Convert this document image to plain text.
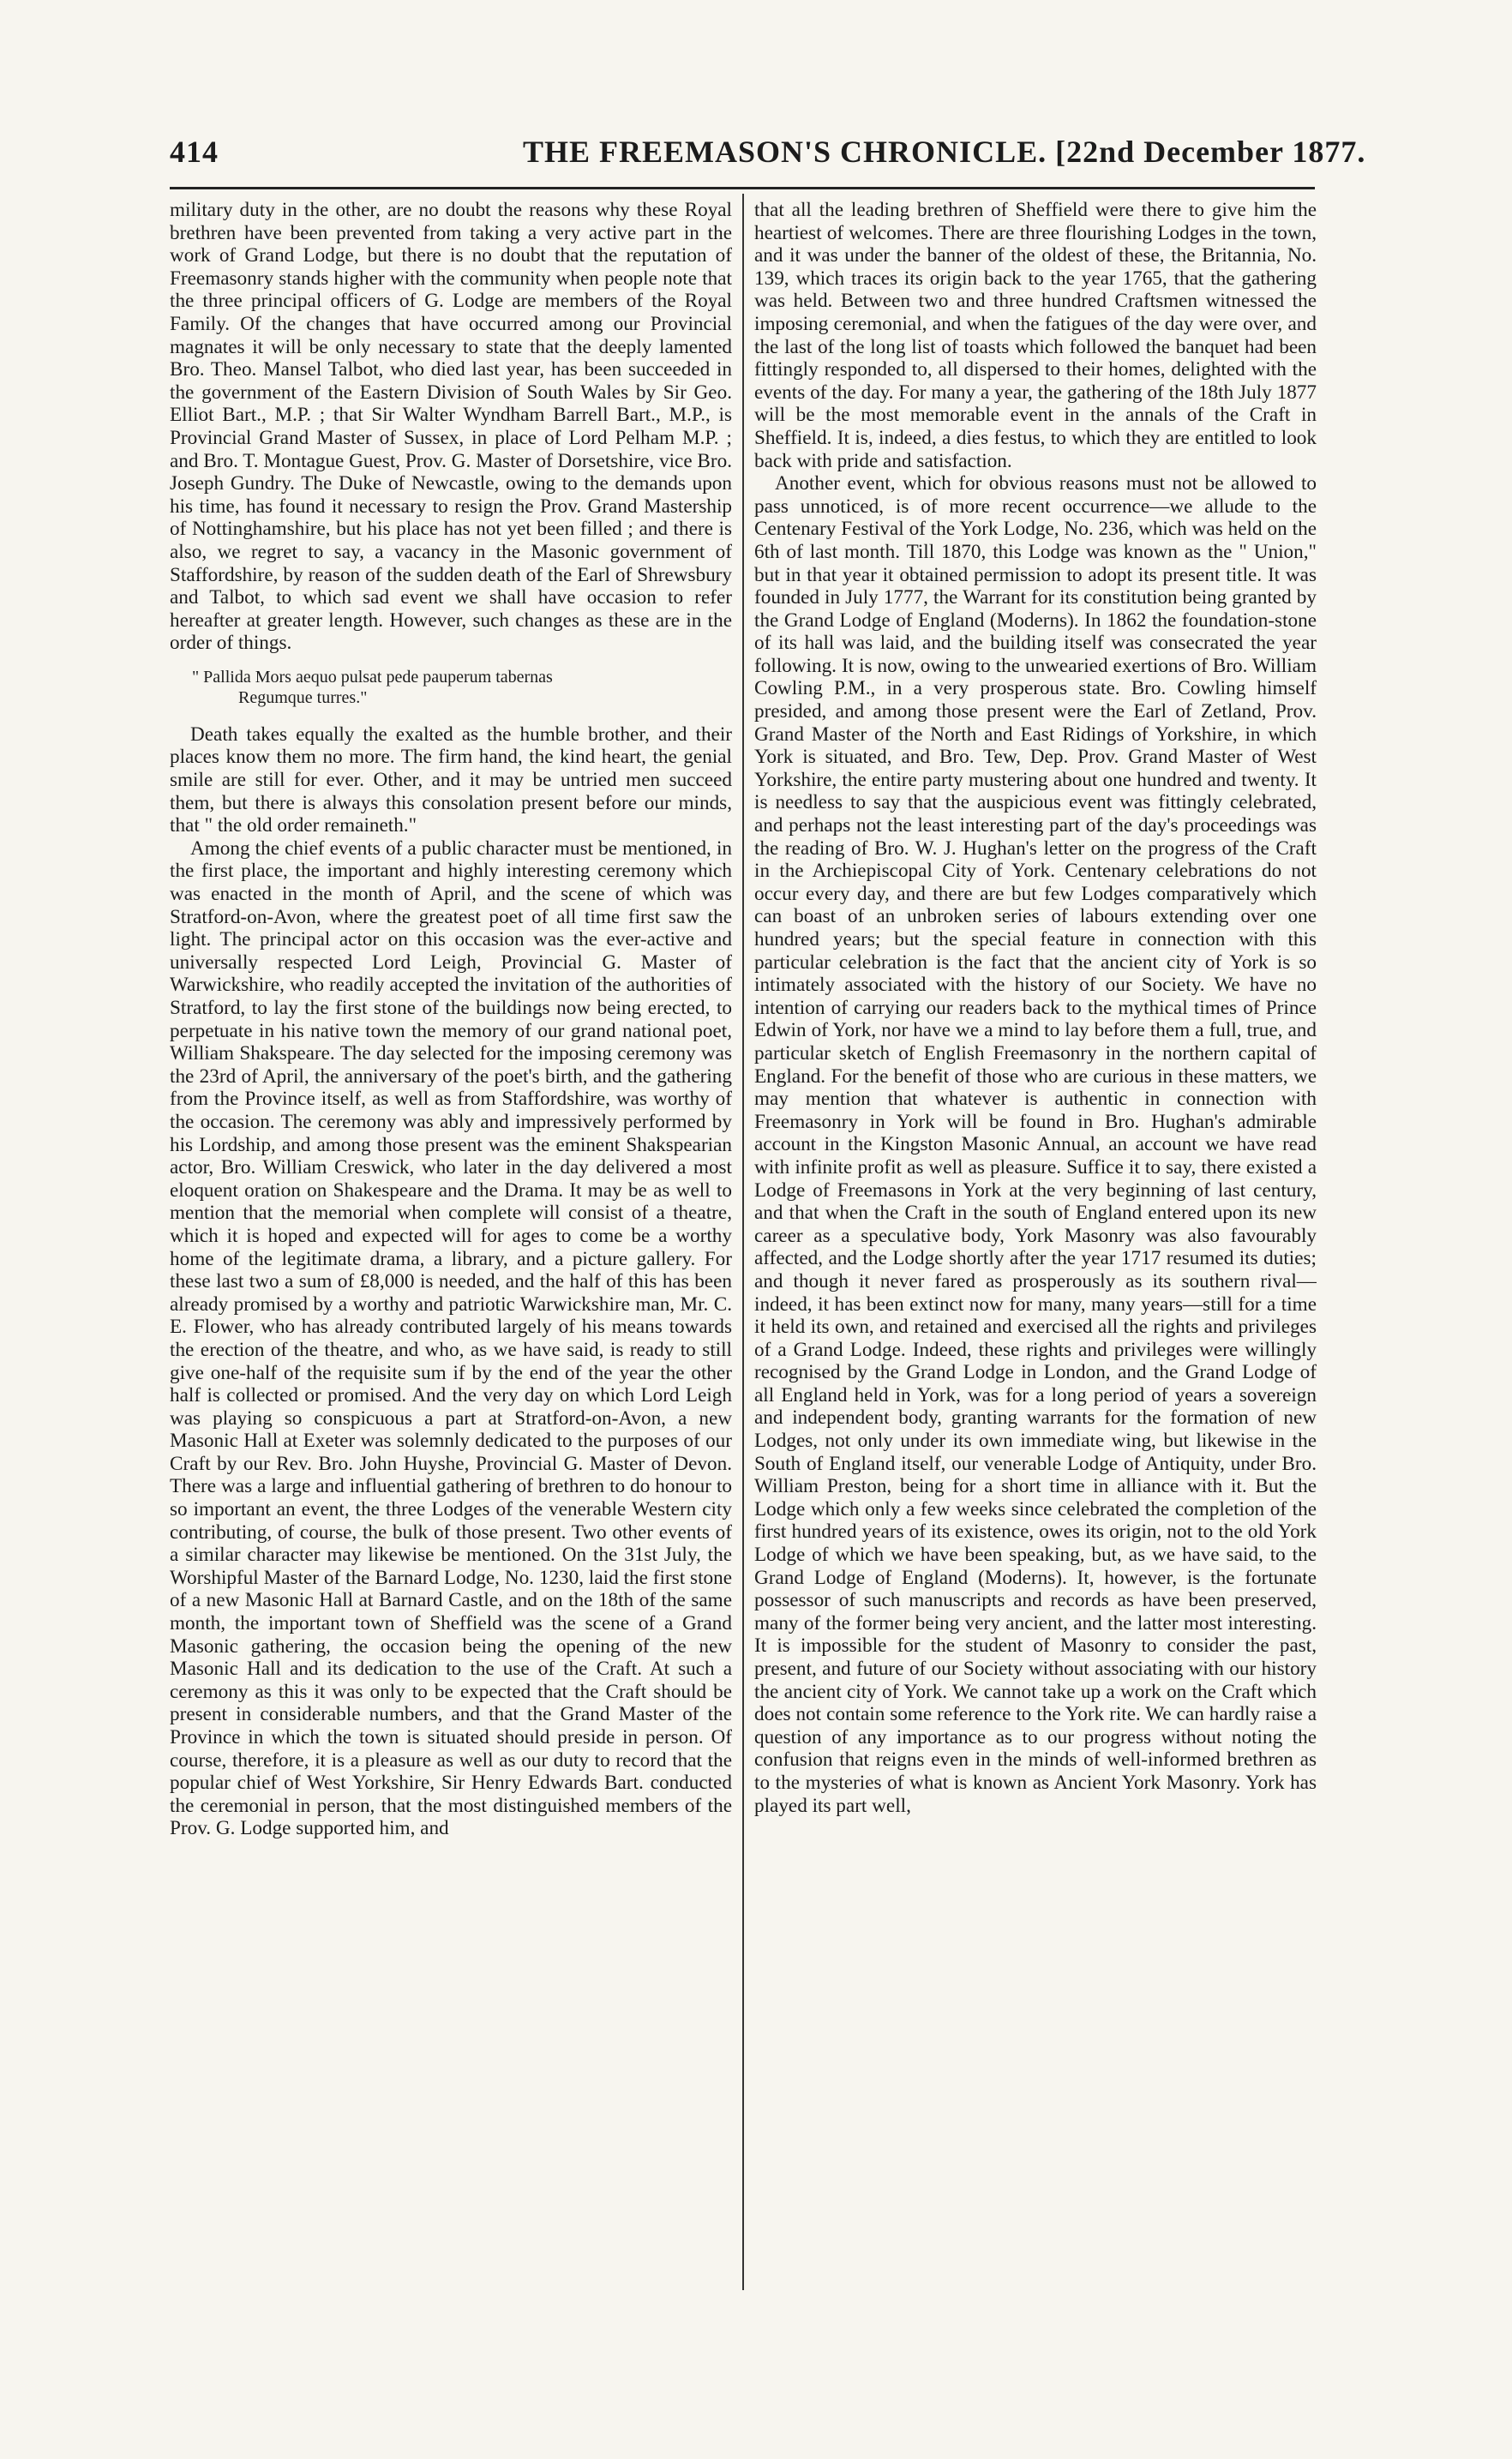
414	THE FREEMASON'S CHRONICLE. [22nd December 1877.

military duty in the other, are no doubt the reasons why these Royal brethren have been prevented from taking a very active part in the work of Grand Lodge, but there is no doubt that the reputation of Freemasonry stands higher with the community when people note that the three principal officers of G. Lodge are members of the Royal Family. Of the changes that have occurred among our Provincial magnates it will be only necessary to state that the deeply lamented Bro. Theo. Mansel Talbot, who died last year, has been succeeded in the government of the Eastern Division of South Wales by Sir Geo. Elliot Bart., M.P. ; that Sir Walter Wyndham Barrell Bart., M.P., is Provincial Grand Master of Sussex, in place of Lord Pelham M.P. ; and Bro. T. Montague Guest, Prov. G. Master of Dorsetshire, vice Bro. Joseph Gundry. The Duke of Newcastle, owing to the demands upon his time, has found it necessary to resign the Prov. Grand Mastership of Nottinghamshire, but his place has not yet been filled ; and there is also, we regret to say, a vacancy in the Masonic government of Staffordshire, by reason of the sudden death of the Earl of Shrewsbury and Talbot, to which sad event we shall have occasion to refer hereafter at greater length. However, such changes as these are in the order of things.

" Pallida Mors aequo pulsat pede pauperum tabernas
Regumque turres."

Death takes equally the exalted as the humble brother, and their places know them no more. The firm hand, the kind heart, the genial smile are still for ever. Other, and it may be untried men succeed them, but there is always this consolation present before our minds, that " the old order remaineth."

Among the chief events of a public character must be mentioned, in the first place, the important and highly interesting ceremony which was enacted in the month of April, and the scene of which was Stratford-on-Avon, where the greatest poet of all time first saw the light. The principal actor on this occasion was the ever-active and universally respected Lord Leigh, Provincial G. Master of Warwickshire, who readily accepted the invitation of the authorities of Stratford, to lay the first stone of the buildings now being erected, to perpetuate in his native town the memory of our grand national poet, William Shakspeare. The day selected for the imposing ceremony was the 23rd of April, the anniversary of the poet's birth, and the gathering from the Province itself, as well as from Staffordshire, was worthy of the occasion. The ceremony was ably and impressively performed by his Lordship, and among those present was the eminent Shakspearian actor, Bro. William Creswick, who later in the day delivered a most eloquent oration on Shakespeare and the Drama. It may be as well to mention that the memorial when complete will consist of a theatre, which it is hoped and expected will for ages to come be a worthy home of the legitimate drama, a library, and a picture gallery. For these last two a sum of £8,000 is needed, and the half of this has been already promised by a worthy and patriotic Warwickshire man, Mr. C. E. Flower, who has already contributed largely of his means towards the erection of the theatre, and who, as we have said, is ready to still give one-half of the requisite sum if by the end of the year the other half is collected or promised. And the very day on which Lord Leigh was playing so conspicuous a part at Stratford-on-Avon, a new Masonic Hall at Exeter was solemnly dedicated to the purposes of our Craft by our Rev. Bro. John Huyshe, Provincial G. Master of Devon. There was a large and influential gathering of brethren to do honour to so important an event, the three Lodges of the venerable Western city contributing, of course, the bulk of those present. Two other events of a similar character may likewise be mentioned. On the 31st July, the Worshipful Master of the Barnard Lodge, No. 1230, laid the first stone of a new Masonic Hall at Barnard Castle, and on the 18th of the same month, the important town of Sheffield was the scene of a Grand Masonic gathering, the occasion being the opening of the new Masonic Hall and its dedication to the use of the Craft. At such a ceremony as this it was only to be expected that the Craft should be present in considerable numbers, and that the Grand Master of the Province in which the town is situated should preside in person. Of course, therefore, it is a pleasure as well as our duty to record that the popular chief of West Yorkshire, Sir Henry Edwards Bart. conducted the ceremonial in person, that the most distinguished members of the Prov. G. Lodge supported him, and

that all the leading brethren of Sheffield were there to give him the heartiest of welcomes. There are three flourishing Lodges in the town, and it was under the banner of the oldest of these, the Britannia, No. 139, which traces its origin back to the year 1765, that the gathering was held. Between two and three hundred Craftsmen witnessed the imposing ceremonial, and when the fatigues of the day were over, and the last of the long list of toasts which followed the banquet had been fittingly responded to, all dispersed to their homes, delighted with the events of the day. For many a year, the gathering of the 18th July 1877 will be the most memorable event in the annals of the Craft in Sheffield. It is, indeed, a dies festus, to which they are entitled to look back with pride and satisfaction.

Another event, which for obvious reasons must not be allowed to pass unnoticed, is of more recent occurrence—we allude to the Centenary Festival of the York Lodge, No. 236, which was held on the 6th of last month. Till 1870, this Lodge was known as the " Union," but in that year it obtained permission to adopt its present title. It was founded in July 1777, the Warrant for its constitution being granted by the Grand Lodge of England (Moderns). In 1862 the foundation-stone of its hall was laid, and the building itself was consecrated the year following. It is now, owing to the unwearied exertions of Bro. William Cowling P.M., in a very prosperous state. Bro. Cowling himself presided, and among those present were the Earl of Zetland, Prov. Grand Master of the North and East Ridings of Yorkshire, in which York is situated, and Bro. Tew, Dep. Prov. Grand Master of West Yorkshire, the entire party mustering about one hundred and twenty. It is needless to say that the auspicious event was fittingly celebrated, and perhaps not the least interesting part of the day's proceedings was the reading of Bro. W. J. Hughan's letter on the progress of the Craft in the Archiepiscopal City of York. Centenary celebrations do not occur every day, and there are but few Lodges comparatively which can boast of an unbroken series of labours extending over one hundred years; but the special feature in connection with this particular celebration is the fact that the ancient city of York is so intimately associated with the history of our Society. We have no intention of carrying our readers back to the mythical times of Prince Edwin of York, nor have we a mind to lay before them a full, true, and particular sketch of English Freemasonry in the northern capital of England. For the benefit of those who are curious in these matters, we may mention that whatever is authentic in connection with Freemasonry in York will be found in Bro. Hughan's admirable account in the Kingston Masonic Annual, an account we have read with infinite profit as well as pleasure. Suffice it to say, there existed a Lodge of Freemasons in York at the very beginning of last century, and that when the Craft in the south of England entered upon its new career as a speculative body, York Masonry was also favourably affected, and the Lodge shortly after the year 1717 resumed its duties; and though it never fared as prosperously as its southern rival—indeed, it has been extinct now for many, many years—still for a time it held its own, and retained and exercised all the rights and privileges of a Grand Lodge. Indeed, these rights and privileges were willingly recognised by the Grand Lodge in London, and the Grand Lodge of all England held in York, was for a long period of years a sovereign and independent body, granting warrants for the formation of new Lodges, not only under its own immediate wing, but likewise in the South of England itself, our venerable Lodge of Antiquity, under Bro. William Preston, being for a short time in alliance with it. But the Lodge which only a few weeks since celebrated the completion of the first hundred years of its existence, owes its origin, not to the old York Lodge of which we have been speaking, but, as we have said, to the Grand Lodge of England (Moderns). It, however, is the fortunate possessor of such manuscripts and records as have been preserved, many of the former being very ancient, and the latter most interesting. It is impossible for the student of Masonry to consider the past, present, and future of our Society without associating with our history the ancient city of York. We cannot take up a work on the Craft which does not contain some reference to the York rite. We can hardly raise a question of any importance as to our progress without noting the confusion that reigns even in the minds of well-informed brethren as to the mysteries of what is known as Ancient York Masonry. York has played its part well,
